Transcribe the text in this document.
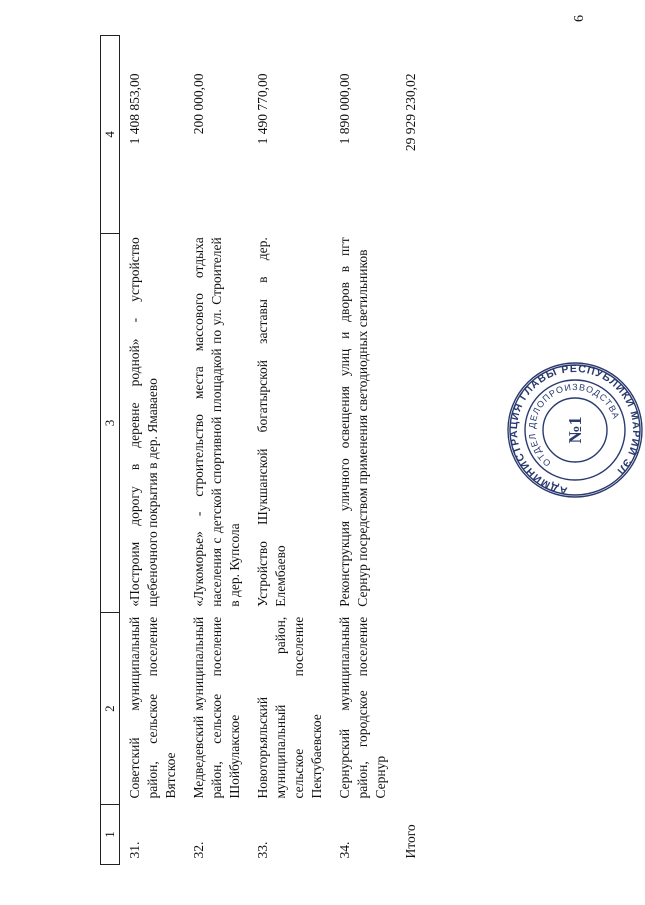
6
1	2	3	4
31.	Советский муниципальный район, сельское поселение Вятское	«Построим дорогу в деревне родной» - устройство щебеночного покрытия в дер. Ямаваево	1 408 853,00
32.	Медведевский муниципальный район, сельское поселение Шойбулакское	«Лукоморье» - строительство места массового отдыха населения с детской спортивной площадкой по ул. Строителей в дер. Купсола	200 000,00
33.	Новоторъяльский муниципальный район, сельское поселение Пектубаевское	Устройство Шукшанской богатырской заставы в дер. Елембаево	1 490 770,00
34.	Сернурский муниципальный район, городское поселение Сернур	Реконструкция уличного освещения улиц и дворов в пгт Сернур посредством применения светодиодных светильников	1 890 000,00
Итого			29 929 230,02
АДМИНИСТРАЦИЯ ГЛАВЫ РЕСПУБЛИКИ МАРИЙ ЭЛ
ОТДЕЛ ДЕЛОПРОИЗВОДСТВА
№1
